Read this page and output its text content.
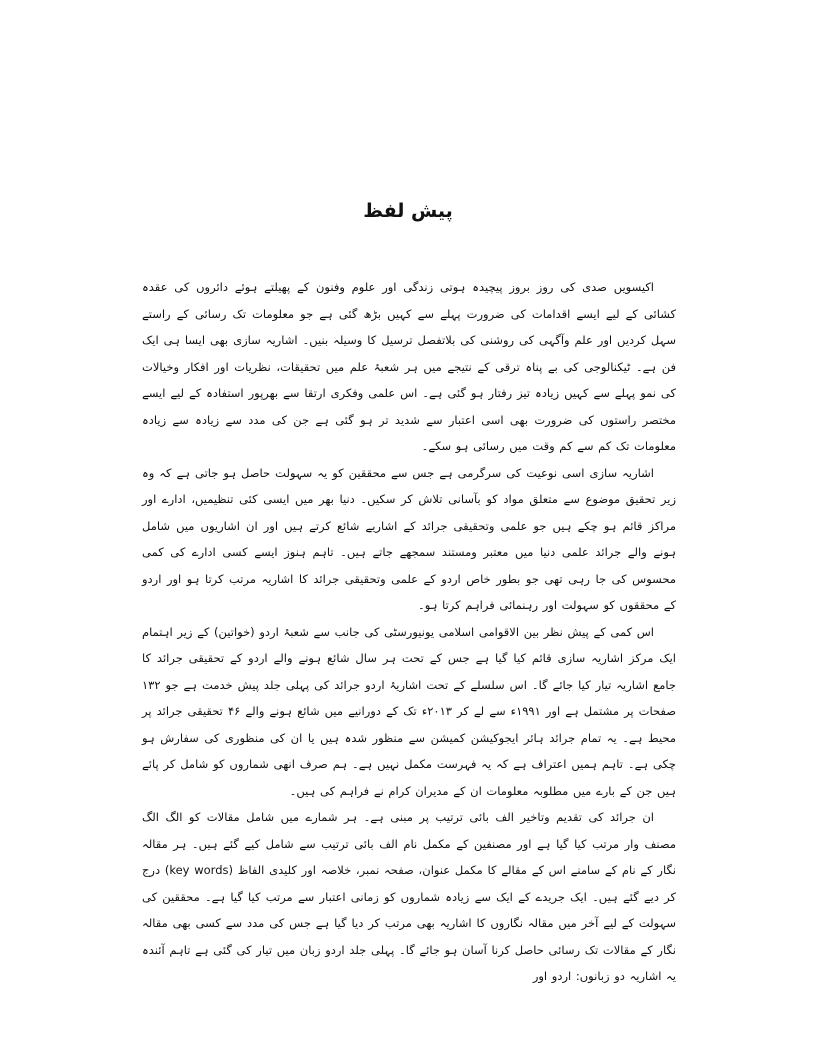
پیش لفظ

اکیسویں صدی کی روز بروز پیچیدہ ہوتی زندگی اور علوم وفنون کے پھیلتے ہوئے دائروں کی عقدہ کشائی کے لیے ایسے اقدامات کی ضرورت پہلے سے کہیں بڑھ گئی ہے جو معلومات تک رسائی کے راستے سہل کردیں اور علم وآگہی کی روشنی کی بلاتفصل ترسیل کا وسیلہ بنیں۔ اشاریہ سازی بھی ایسا ہی ایک فن ہے۔ ٹیکنالوجی کی بے پناہ ترقی کے نتیجے میں ہر شعبۂ علم میں تحقیقات، نظریات اور افکار وخیالات کی نمو پہلے سے کہیں زیادہ تیز رفتار ہو گئی ہے۔ اس علمی وفکری ارتقا سے بھرپور استفادہ کے لیے ایسے مختصر راستوں کی ضرورت بھی اسی اعتبار سے شدید تر ہو گئی ہے جن کی مدد سے زیادہ سے زیادہ معلومات تک کم سے کم وقت میں رسائی ہو سکے۔

اشاریہ سازی اسی نوعیت کی سرگرمی ہے جس سے محققین کو یہ سہولت حاصل ہو جاتی ہے کہ وہ زیر تحقیق موضوع سے متعلق مواد کو بآسانی تلاش کر سکیں۔ دنیا بھر میں ایسی کئی تنظیمیں، ادارے اور مراکز قائم ہو چکے ہیں جو علمی وتحقیقی جرائد کے اشاریے شائع کرتے ہیں اور ان اشاریوں میں شامل ہونے والے جرائد علمی دنیا میں معتبر ومستند سمجھے جاتے ہیں۔ تاہم ہنوز ایسے کسی ادارے کی کمی محسوس کی جا رہی تھی جو بطور خاص اردو کے علمی وتحقیقی جرائد کا اشاریہ مرتب کرتا ہو اور اردو کے محققوں کو سہولت اور رہنمائی فراہم کرتا ہو۔

اس کمی کے پیش نظر بین الاقوامی اسلامی یونیورسٹی کی جانب سے شعبۂ اردو (خواتین) کے زیر اہتمام ایک مرکز اشاریہ سازی قائم کیا گیا ہے جس کے تحت ہر سال شائع ہونے والے اردو کے تحقیقی جرائد کا جامع اشاریہ تیار کیا جائے گا۔ اس سلسلے کے تحت اشاریۂ اردو جرائد کی پہلی جلد پیش خدمت ہے جو ۱۳۲ صفحات پر مشتمل ہے اور ۱۹۹۱ء سے لے کر ۲۰۱۳ء تک کے دورانیے میں شائع ہونے والے ۴۶ تحقیقی جرائد پر محیط ہے۔ یہ تمام جرائد ہائر ایجوکیشن کمیشن سے منظور شدہ ہیں یا ان کی منظوری کی سفارش ہو چکی ہے۔ تاہم ہمیں اعتراف ہے کہ یہ فہرست مکمل نہیں ہے۔ ہم صرف انھی شماروں کو شامل کر پائے ہیں جن کے بارے میں مطلوبہ معلومات ان کے مدیران کرام نے فراہم کی ہیں۔

ان جرائد کی تقدیم وتاخیر الف بائی ترتیب پر مبنی ہے۔ ہر شمارے میں شامل مقالات کو الگ الگ مصنف وار مرتب کیا گیا ہے اور مصنفین کے مکمل نام الف بائی ترتیب سے شامل کیے گئے ہیں۔ ہر مقالہ نگار کے نام کے سامنے اس کے مقالے کا مکمل عنوان، صفحہ نمبر، خلاصہ اور کلیدی الفاظ (key words) درج کر دیے گئے ہیں۔ ایک جریدے کے ایک سے زیادہ شماروں کو زمانی اعتبار سے مرتب کیا گیا ہے۔ محققین کی سہولت کے لیے آخر میں مقالہ نگاروں کا اشاریہ بھی مرتب کر دیا گیا ہے جس کی مدد سے کسی بھی مقالہ نگار کے مقالات تک رسائی حاصل کرنا آسان ہو جائے گا۔ پہلی جلد اردو زبان میں تیار کی گئی ہے تاہم آئندہ یہ اشاریہ دو زبانوں: اردو اور
